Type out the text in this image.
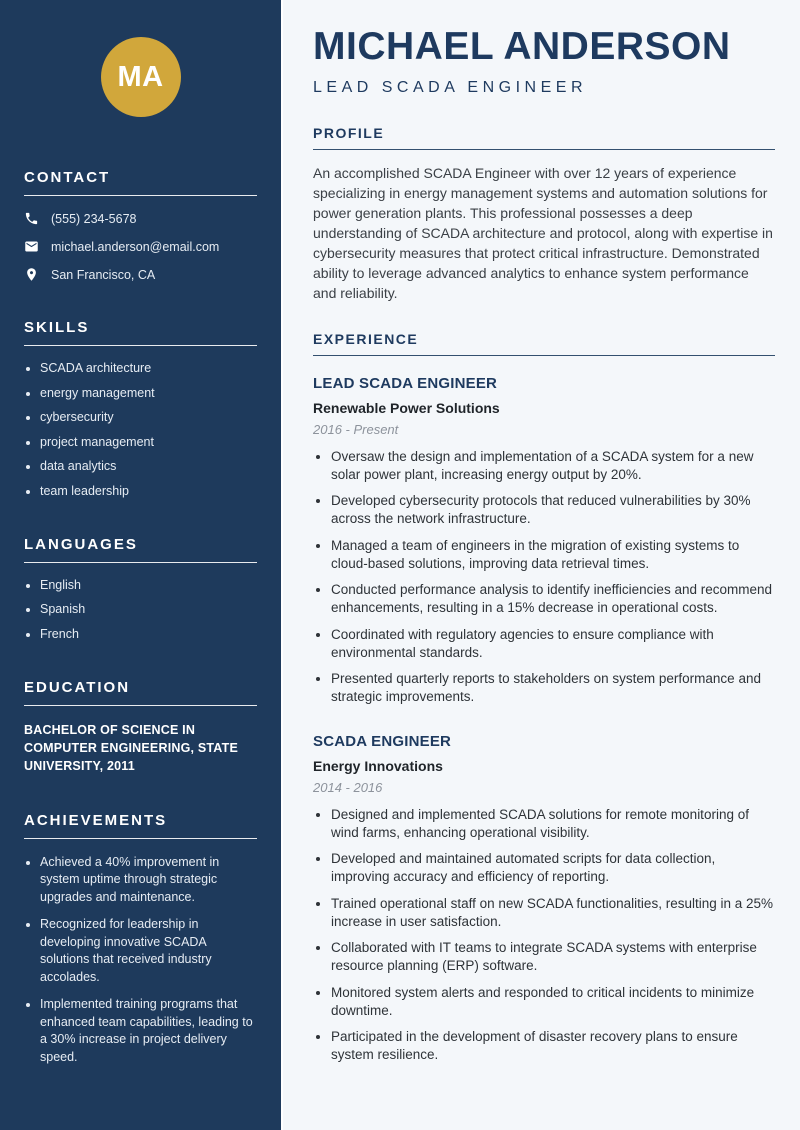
MA
CONTACT
(555) 234-5678
michael.anderson@email.com
San Francisco, CA
SKILLS
• SCADA architecture
• energy management
• cybersecurity
• project management
• data analytics
• team leadership
LANGUAGES
• English
• Spanish
• French
EDUCATION
BACHELOR OF SCIENCE IN COMPUTER ENGINEERING, STATE UNIVERSITY, 2011
ACHIEVEMENTS
• Achieved a 40% improvement in system uptime through strategic upgrades and maintenance.
• Recognized for leadership in developing innovative SCADA solutions that received industry accolades.
• Implemented training programs that enhanced team capabilities, leading to a 30% increase in project delivery speed.
MICHAEL ANDERSON
LEAD SCADA ENGINEER
PROFILE

An accomplished SCADA Engineer with over 12 years of experience specializing in energy management systems and automation solutions for power generation plants. This professional possesses a deep understanding of SCADA architecture and protocol, along with expertise in cybersecurity measures that protect critical infrastructure. Demonstrated ability to leverage advanced analytics to enhance system performance and reliability.

EXPERIENCE
LEAD SCADA ENGINEER
Renewable Power Solutions
2016 - Present
• Oversaw the design and implementation of a SCADA system for a new solar power plant, increasing energy output by 20%.
• Developed cybersecurity protocols that reduced vulnerabilities by 30% across the network infrastructure.
• Managed a team of engineers in the migration of existing systems to cloud-based solutions, improving data retrieval times.
• Conducted performance analysis to identify inefficiencies and recommend enhancements, resulting in a 15% decrease in operational costs.
• Coordinated with regulatory agencies to ensure compliance with environmental standards.
• Presented quarterly reports to stakeholders on system performance and strategic improvements.
SCADA ENGINEER
Energy Innovations
2014 - 2016
• Designed and implemented SCADA solutions for remote monitoring of wind farms, enhancing operational visibility.
• Developed and maintained automated scripts for data collection, improving accuracy and efficiency of reporting.
• Trained operational staff on new SCADA functionalities, resulting in a 25% increase in user satisfaction.
• Collaborated with IT teams to integrate SCADA systems with enterprise resource planning (ERP) software.
• Monitored system alerts and responded to critical incidents to minimize downtime.
• Participated in the development of disaster recovery plans to ensure system resilience.
